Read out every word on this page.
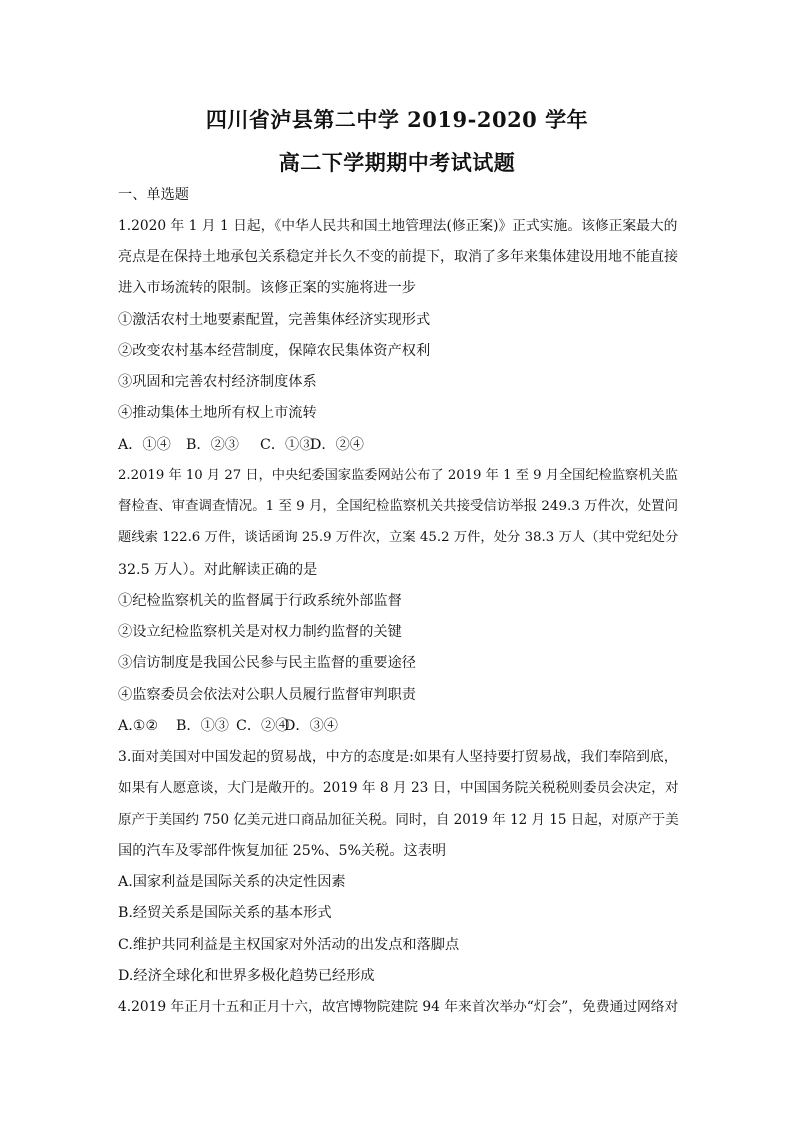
四川省泸县第二中学 2019-2020 学年
高二下学期期中考试试题
一、单选题
1.2020 年 1 月 1 日起，《中华人民共和国土地管理法(修正案)》正式实施。该修正案最大的
亮点是在保持土地承包关系稳定并长久不变的前提下，取消了多年来集体建设用地不能直接
进入市场流转的限制。该修正案的实施将进一步
①激活农村土地要素配置，完善集体经济实现形式
②改变农村基本经营制度，保障农民集体资产权利
③巩固和完善农村经济制度体系
④推动集体土地所有权上市流转
A．①④ B．②③ C．①③D．②④
2.2019 年 10 月 27 日，中央纪委国家监委网站公布了 2019 年 1 至 9 月全国纪检监察机关监
督检查、审查调查情况。1 至 9 月，全国纪检监察机关共接受信访举报 249.3 万件次，处置问
题线索 122.6 万件，谈话函询 25.9 万件次，立案 45.2 万件，处分 38.3 万人（其中党纪处分
32.5 万人）。对此解读正确的是
①纪检监察机关的监督属于行政系统外部监督
②设立纪检监察机关是对权力制约监督的关键
③信访制度是我国公民参与民主监督的重要途径
④监察委员会依法对公职人员履行监督审判职责
A.①② B．①③ C．②④D．③④
3.面对美国对中国发起的贸易战，中方的态度是:如果有人坚持要打贸易战，我们奉陪到底，
如果有人愿意谈，大门是敞开的。2019 年 8 月 23 日，中国国务院关税税则委员会决定，对
原产于美国约 750 亿美元进口商品加征关税。同时，自 2019 年 12 月 15 日起，对原产于美
国的汽车及零部件恢复加征 25%、5%关税。这表明
A.国家利益是国际关系的决定性因素
B.经贸关系是国际关系的基本形式
C.维护共同利益是主权国家对外活动的出发点和落脚点
D.经济全球化和世界多极化趋势已经形成
4.2019 年正月十五和正月十六，故宫博物院建院 94 年来首次举办“灯会”，免费通过网络对
